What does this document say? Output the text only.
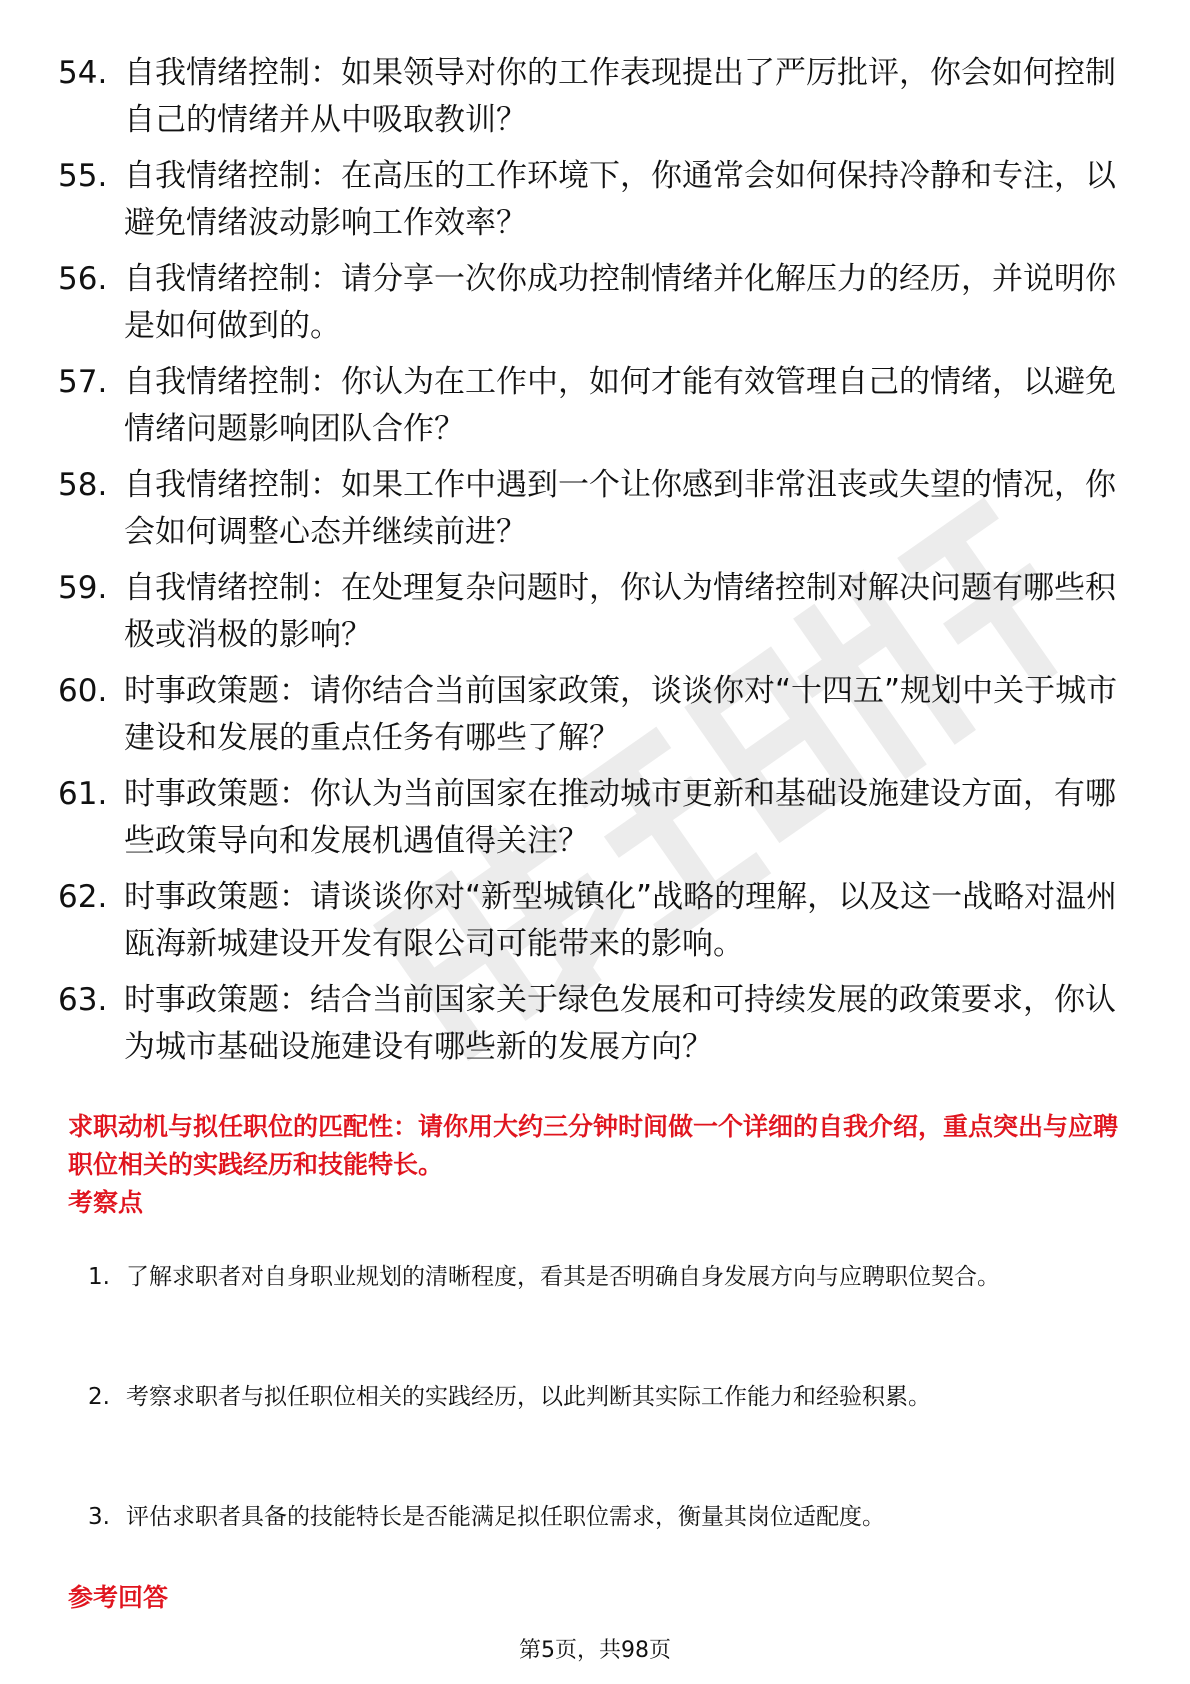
54. 自我情绪控制：如果领导对你的工作表现提出了严厉批评，你会如何控制自己的情绪并从中吸取教训？
55. 自我情绪控制：在高压的工作环境下，你通常会如何保持冷静和专注，以避免情绪波动影响工作效率？
56. 自我情绪控制：请分享一次你成功控制情绪并化解压力的经历，并说明你是如何做到的。
57. 自我情绪控制：你认为在工作中，如何才能有效管理自己的情绪，以避免情绪问题影响团队合作？
58. 自我情绪控制：如果工作中遇到一个让你感到非常沮丧或失望的情况，你会如何调整心态并继续前进？
59. 自我情绪控制：在处理复杂问题时，你认为情绪控制对解决问题有哪些积极或消极的影响？
60. 时事政策题：请你结合当前国家政策，谈谈你对“十四五”规划中关于城市建设和发展的重点任务有哪些了解？
61. 时事政策题：你认为当前国家在推动城市更新和基础设施建设方面，有哪些政策导向和发展机遇值得关注？
62. 时事政策题：请谈谈你对“新型城镇化”战略的理解，以及这一战略对温州瓯海新城建设开发有限公司可能带来的影响。
63. 时事政策题：结合当前国家关于绿色发展和可持续发展的政策要求，你认为城市基础设施建设有哪些新的发展方向？
求职动机与拟任职位的匹配性：请你用大约三分钟时间做一个详细的自我介绍，重点突出与应聘职位相关的实践经历和技能特长。
考察点
1. 了解求职者对自身职业规划的清晰程度，看其是否明确自身发展方向与应聘职位契合。
2. 考察求职者与拟任职位相关的实践经历，以此判断其实际工作能力和经验积累。
3. 评估求职者具备的技能特长是否能满足拟任职位需求，衡量其岗位适配度。
参考回答
第5页，共98页
